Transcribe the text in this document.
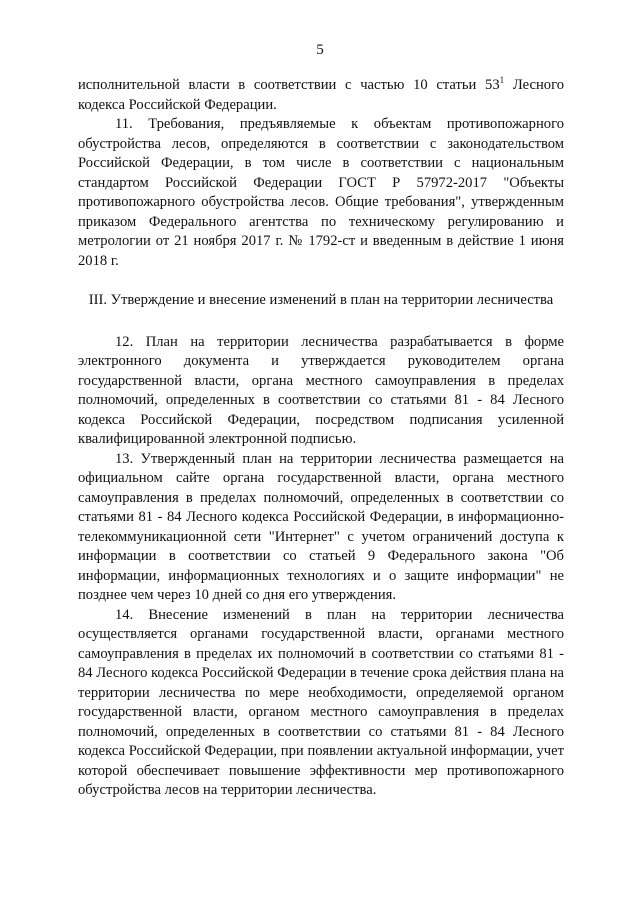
5

исполнительной власти в соответствии с частью 10 статьи $53^1$ Лесного кодекса Российской Федерации.

11. Требования, предъявляемые к объектам противопожарного обустройства лесов, определяются в соответствии с законодательством Российской Федерации, в том числе в соответствии с национальным стандартом Российской Федерации ГОСТ Р 57972-2017 "Объекты противопожарного обустройства лесов. Общие требования", утвержденным приказом Федерального агентства по техническому регулированию и метрологии от 21 ноября 2017 г. № 1792-ст и введенным в действие 1 июня 2018 г.

III. Утверждение и внесение изменений в план на территории лесничества

12. План на территории лесничества разрабатывается в форме электронного документа и утверждается руководителем органа государственной власти, органа местного самоуправления в пределах полномочий, определенных в соответствии со статьями 81 - 84 Лесного кодекса Российской Федерации, посредством подписания усиленной квалифицированной электронной подписью.

13. Утвержденный план на территории лесничества размещается на официальном сайте органа государственной власти, органа местного самоуправления в пределах полномочий, определенных в соответствии со статьями 81 - 84 Лесного кодекса Российской Федерации, в информационно-телекоммуникационной сети "Интернет" с учетом ограничений доступа к информации в соответствии со статьей 9 Федерального закона "Об информации, информационных технологиях и о защите информации" не позднее чем через 10 дней со дня его утверждения.

14. Внесение изменений в план на территории лесничества осуществляется органами государственной власти, органами местного самоуправления в пределах их полномочий в соответствии со статьями 81 - 84 Лесного кодекса Российской Федерации в течение срока действия плана на территории лесничества по мере необходимости, определяемой органом государственной власти, органом местного самоуправления в пределах полномочий, определенных в соответствии со статьями 81 - 84 Лесного кодекса Российской Федерации, при появлении актуальной информации, учет которой обеспечивает повышение эффективности мер противопожарного обустройства лесов на территории лесничества.
